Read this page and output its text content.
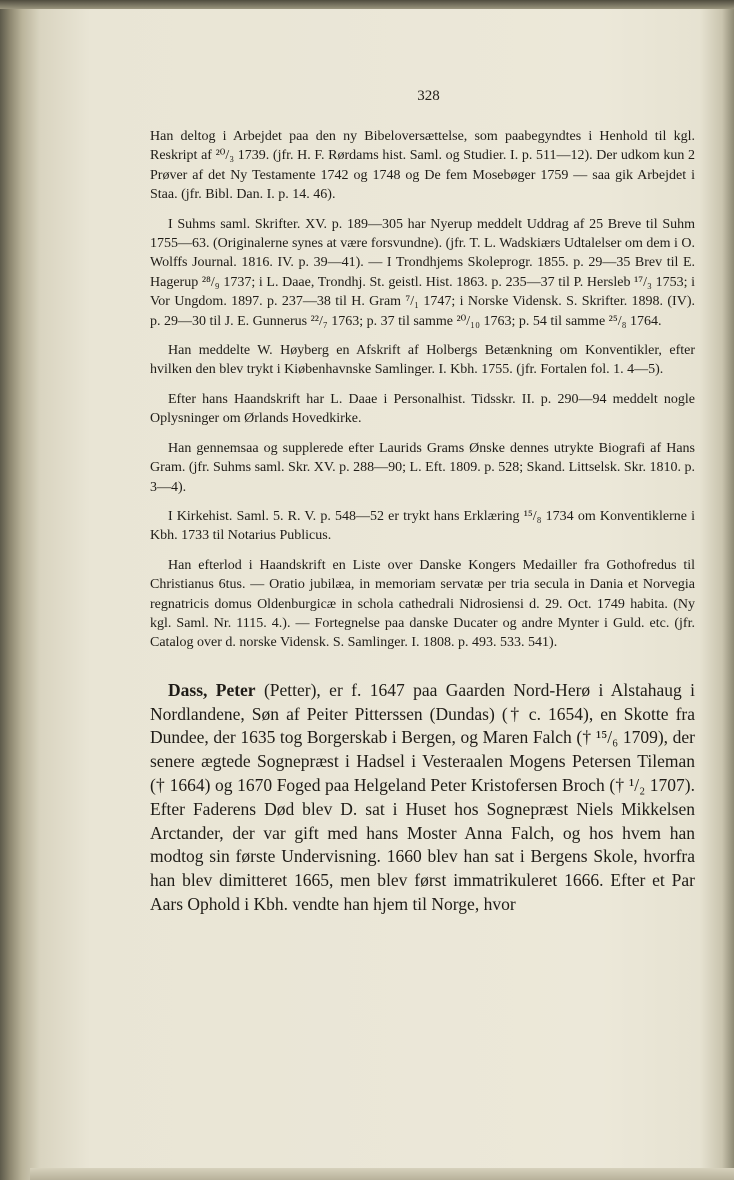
328

Han deltog i Arbejdet paa den ny Bibeloversættelse, som paabegyndtes i Henhold til kgl. Reskript af ²⁰/₃ 1739. (jfr. H. F. Rørdams hist. Saml. og Studier. I. p. 511—12). Der udkom kun 2 Prøver af det Ny Testamente 1742 og 1748 og De fem Mosebøger 1759 — saa gik Arbejdet i Staa. (jfr. Bibl. Dan. I. p. 14. 46).

I Suhms saml. Skrifter. XV. p. 189—305 har Nyerup meddelt Uddrag af 25 Breve til Suhm 1755—63. (Originalerne synes at være forsvundne). (jfr. T. L. Wadskiærs Udtalelser om dem i O. Wolffs Journal. 1816. IV. p. 39—41). — I Trondhjems Skoleprogr. 1855. p. 29—35 Brev til E. Hagerup ²⁸/₉ 1737; i L. Daae, Trondhj. St. geistl. Hist. 1863. p. 235—37 til P. Hersleb ¹⁷/₃ 1753; i Vor Ungdom. 1897. p. 237—38 til H. Gram ⁷/₁ 1747; i Norske Vidensk. S. Skrifter. 1898. (IV). p. 29—30 til J. E. Gunnerus ²²/₇ 1763; p. 37 til samme ²⁰/₁₀ 1763; p. 54 til samme ²⁵/₈ 1764.

Han meddelte W. Høyberg en Afskrift af Holbergs Betænkning om Konventikler, efter hvilken den blev trykt i Kiøbenhavnske Samlinger. I. Kbh. 1755. (jfr. Fortalen fol. 1. 4—5).

Efter hans Haandskrift har L. Daae i Personalhist. Tidsskr. II. p. 290—94 meddelt nogle Oplysninger om Ørlands Hovedkirke.

Han gennemsaa og supplerede efter Laurids Grams Ønske dennes utrykte Biografi af Hans Gram. (jfr. Suhms saml. Skr. XV. p. 288—90; L. Eft. 1809. p. 528; Skand. Littselsk. Skr. 1810. p. 3—4).

I Kirkehist. Saml. 5. R. V. p. 548—52 er trykt hans Erklæring ¹⁵/₈ 1734 om Konventiklerne i Kbh. 1733 til Notarius Publicus.

Han efterlod i Haandskrift en Liste over Danske Kongers Medailler fra Gothofredus til Christianus 6tus. — Oratio jubilæa, in memoriam servatæ per tria secula in Dania et Norvegia regnatricis domus Oldenburgicæ in schola cathedrali Nidrosiensi d. 29. Oct. 1749 habita. (Ny kgl. Saml. Nr. 1115. 4.). — Fortegnelse paa danske Ducater og andre Mynter i Guld. etc. (jfr. Catalog over d. norske Vidensk. S. Samlinger. I. 1808. p. 493. 533. 541).

Dass, Peter (Petter), er f. 1647 paa Gaarden Nord-Herø i Alstahaug i Nordlandene, Søn af Peiter Pitterssen (Dundas) († c. 1654), en Skotte fra Dundee, der 1635 tog Borgerskab i Bergen, og Maren Falch († ¹⁵/₆ 1709), der senere ægtede Sognepræst i Hadsel i Vesteraalen Mogens Petersen Tileman († 1664) og 1670 Foged paa Helgeland Peter Kristofersen Broch († ¹/₂ 1707). Efter Faderens Død blev D. sat i Huset hos Sognepræst Niels Mikkelsen Arctander, der var gift med hans Moster Anna Falch, og hos hvem han modtog sin første Undervisning. 1660 blev han sat i Bergens Skole, hvorfra han blev dimitteret 1665, men blev først immatrikuleret 1666. Efter et Par Aars Ophold i Kbh. vendte han hjem til Norge, hvor
